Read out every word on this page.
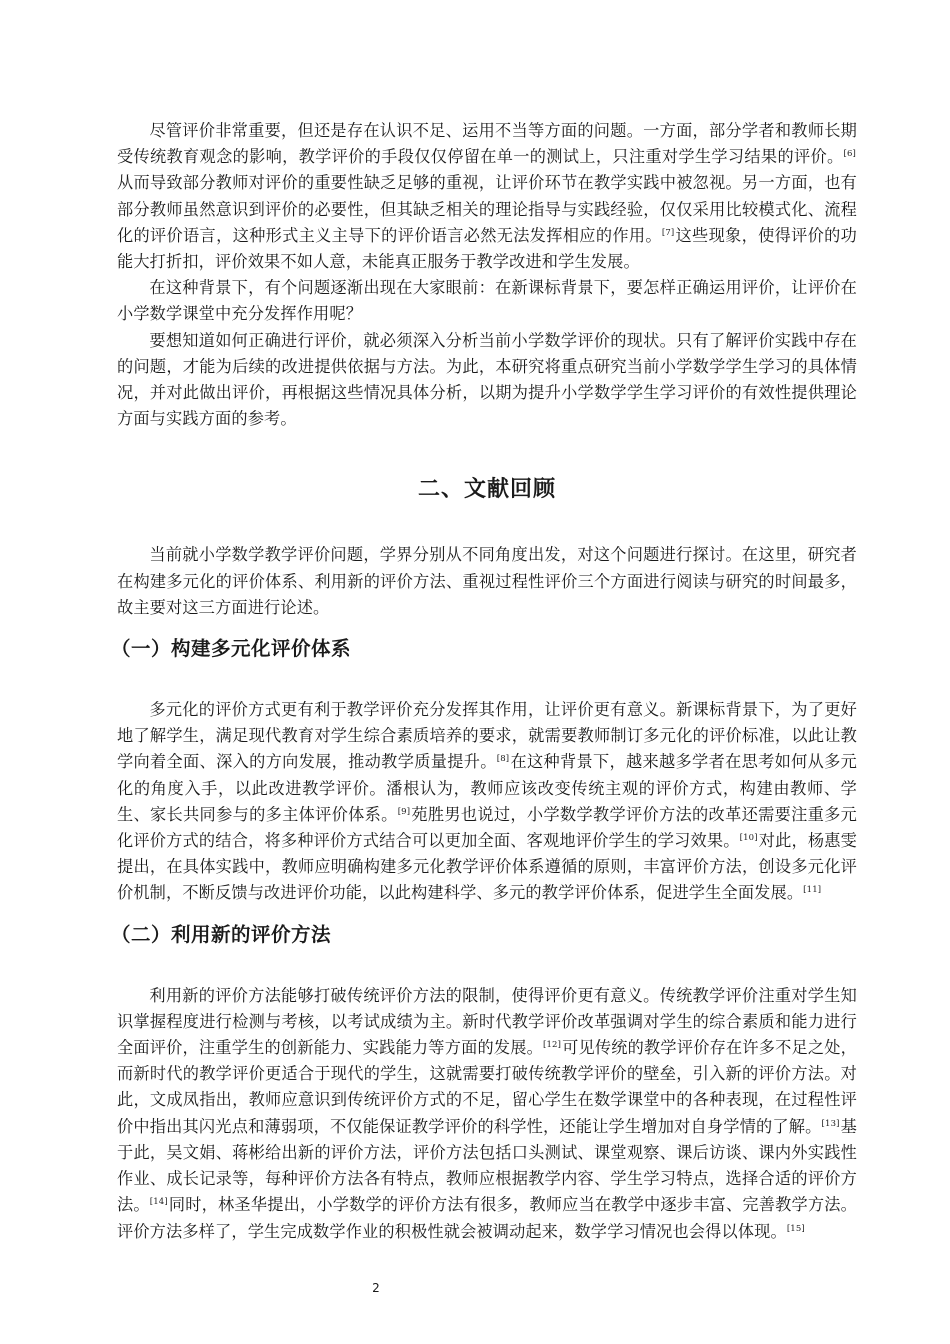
尽管评价非常重要，但还是存在认识不足、运用不当等方面的问题。一方面，部分学者和教师长期受传统教育观念的影响，教学评价的手段仅仅停留在单一的测试上，只注重对学生学习结果的评价。[6]从而导致部分教师对评价的重要性缺乏足够的重视，让评价环节在教学实践中被忽视。另一方面，也有部分教师虽然意识到评价的必要性，但其缺乏相关的理论指导与实践经验，仅仅采用比较模式化、流程化的评价语言，这种形式主义主导下的评价语言必然无法发挥相应的作用。[7]这些现象，使得评价的功能大打折扣，评价效果不如人意，未能真正服务于教学改进和学生发展。

在这种背景下，有个问题逐渐出现在大家眼前：在新课标背景下，要怎样正确运用评价，让评价在小学数学课堂中充分发挥作用呢？

要想知道如何正确进行评价，就必须深入分析当前小学数学评价的现状。只有了解评价实践中存在的问题，才能为后续的改进提供依据与方法。为此，本研究将重点研究当前小学数学学生学习的具体情况，并对此做出评价，再根据这些情况具体分析，以期为提升小学数学学生学习评价的有效性提供理论方面与实践方面的参考。

二、文献回顾

当前就小学数学教学评价问题，学界分别从不同角度出发，对这个问题进行探讨。在这里，研究者在构建多元化的评价体系、利用新的评价方法、重视过程性评价三个方面进行阅读与研究的时间最多，故主要对这三方面进行论述。

（一）构建多元化评价体系

多元化的评价方式更有利于教学评价充分发挥其作用，让评价更有意义。新课标背景下，为了更好地了解学生，满足现代教育对学生综合素质培养的要求，就需要教师制订多元化的评价标准，以此让教学向着全面、深入的方向发展，推动教学质量提升。[8]在这种背景下，越来越多学者在思考如何从多元化的角度入手，以此改进教学评价。潘根认为，教师应该改变传统主观的评价方式，构建由教师、学生、家长共同参与的多主体评价体系。[9]苑胜男也说过，小学数学教学评价方法的改革还需要注重多元化评价方式的结合，将多种评价方式结合可以更加全面、客观地评价学生的学习效果。[10]对此，杨惠雯提出，在具体实践中，教师应明确构建多元化教学评价体系遵循的原则，丰富评价方法，创设多元化评价机制，不断反馈与改进评价功能，以此构建科学、多元的教学评价体系，促进学生全面发展。[11]

（二）利用新的评价方法

利用新的评价方法能够打破传统评价方法的限制，使得评价更有意义。传统教学评价注重对学生知识掌握程度进行检测与考核，以考试成绩为主。新时代教学评价改革强调对学生的综合素质和能力进行全面评价，注重学生的创新能力、实践能力等方面的发展。[12]可见传统的教学评价存在许多不足之处，而新时代的教学评价更适合于现代的学生，这就需要打破传统教学评价的壁垒，引入新的评价方法。对此，文成凤指出，教师应意识到传统评价方式的不足，留心学生在数学课堂中的各种表现，在过程性评价中指出其闪光点和薄弱项，不仅能保证教学评价的科学性，还能让学生增加对自身学情的了解。[13]基于此，吴文娟、蒋彬给出新的评价方法，评价方法包括口头测试、课堂观察、课后访谈、课内外实践性作业、成长记录等，每种评价方法各有特点，教师应根据教学内容、学生学习特点，选择合适的评价方法。[14]同时，林圣华提出，小学数学的评价方法有很多，教师应当在教学中逐步丰富、完善教学方法。评价方法多样了，学生完成数学作业的积极性就会被调动起来，数学学习情况也会得以体现。[15]

2
